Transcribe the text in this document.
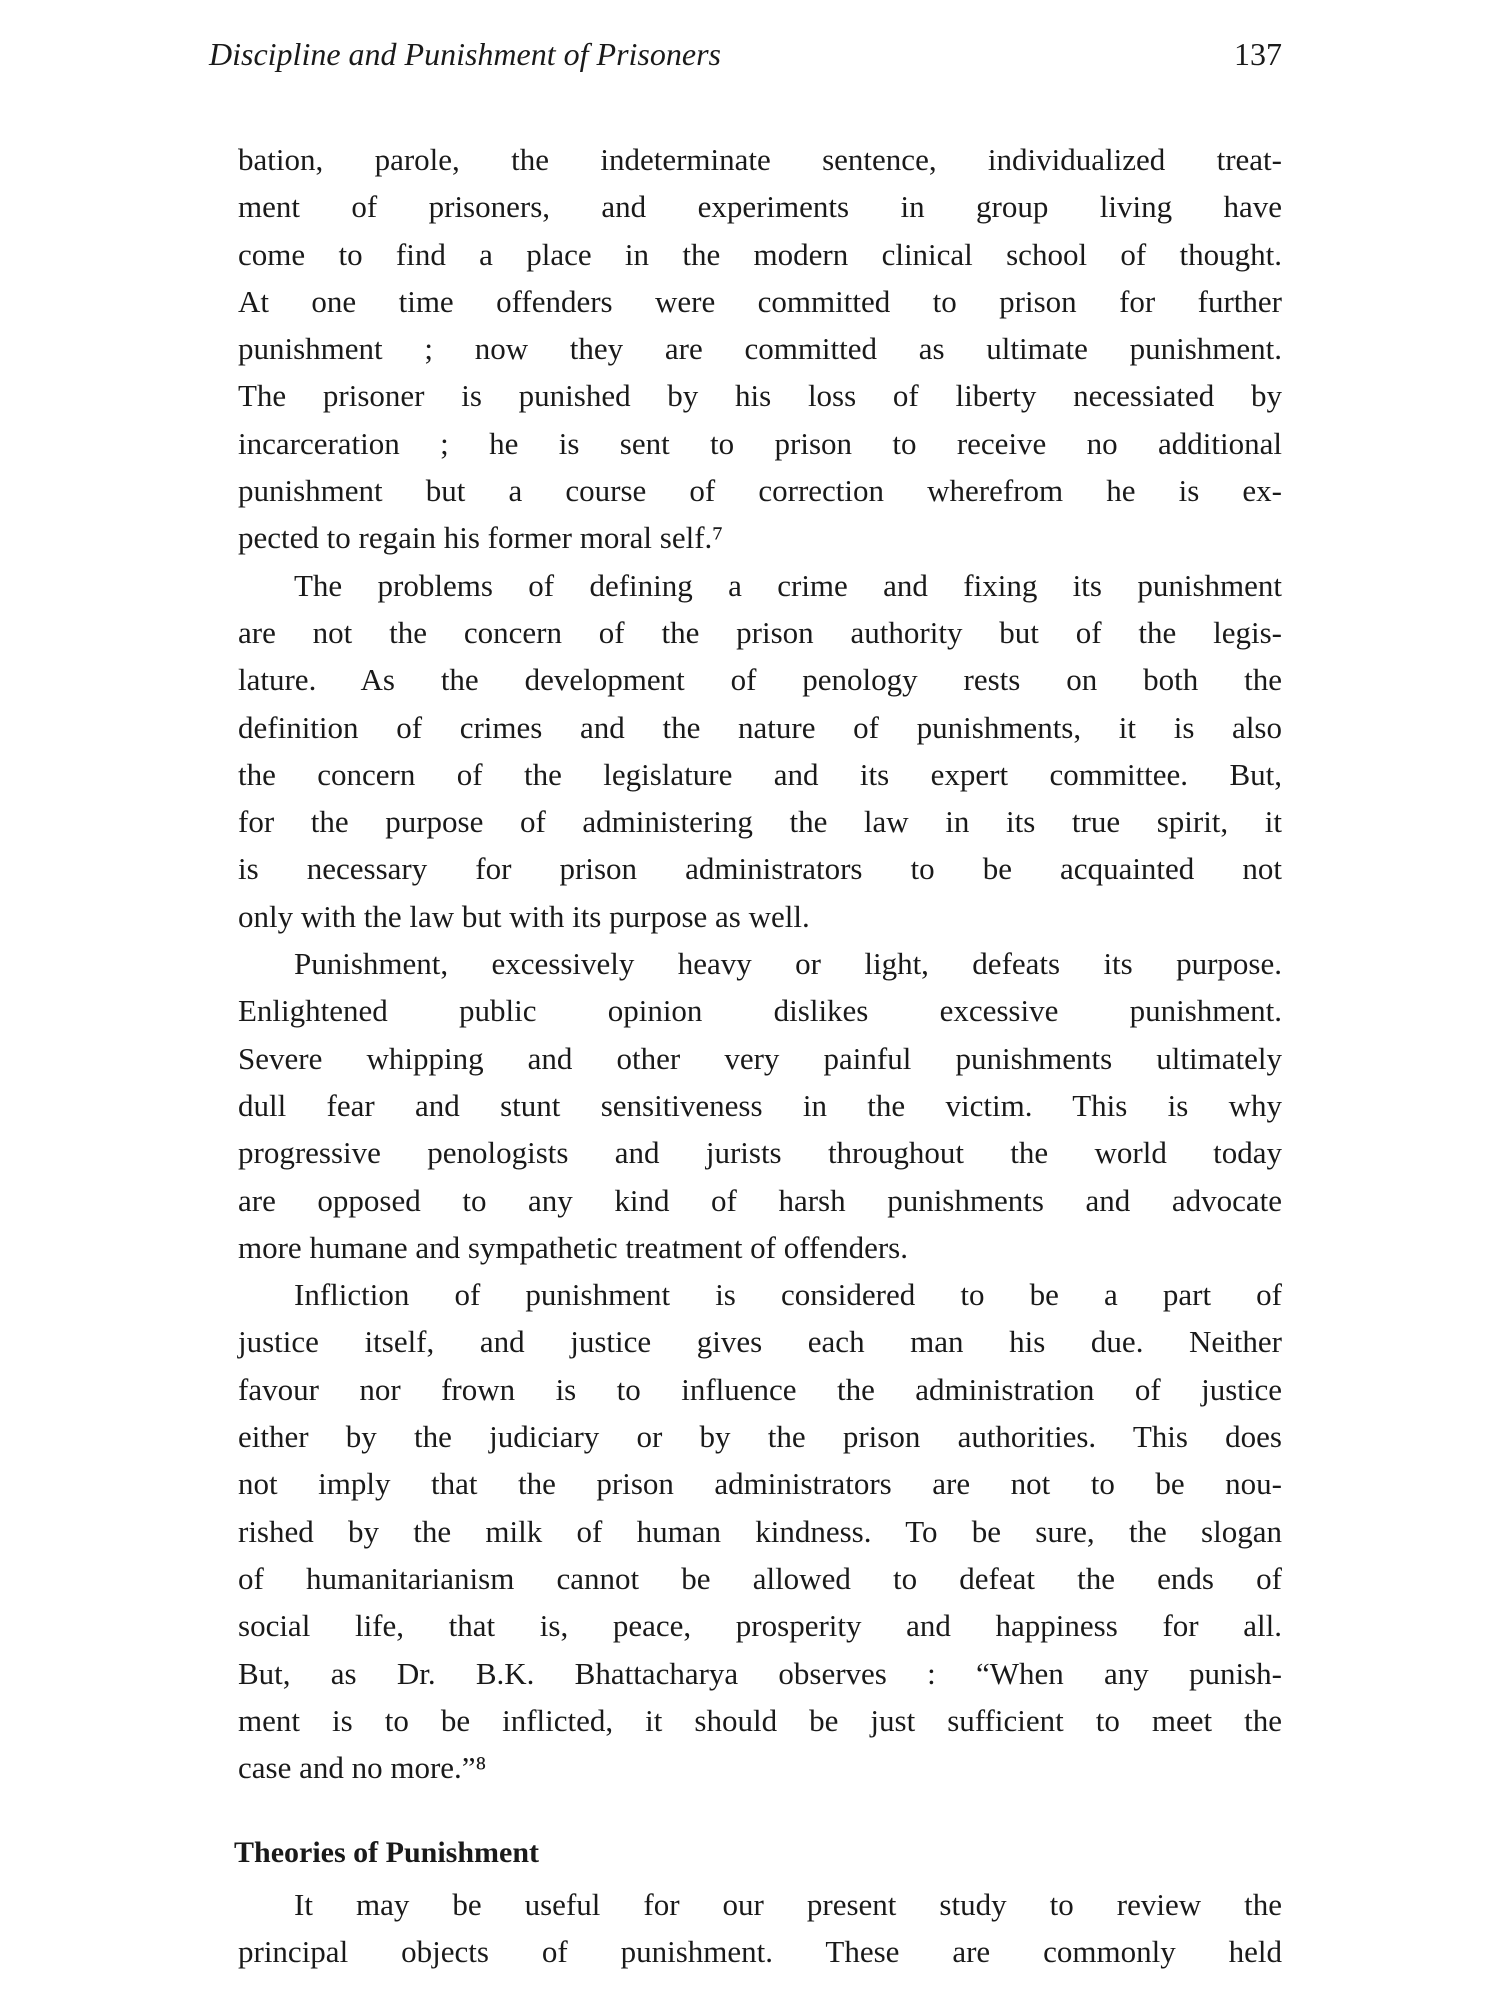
Discipline and Punishment of Prisoners	137
bation, parole, the indeterminate sentence, individualized treat-
ment of prisoners, and experiments in group living have
come to find a place in the modern clinical school of thought.
At one time offenders were committed to prison for further
punishment ; now they are committed as ultimate punishment.
The prisoner is punished by his loss of liberty necessiated by
incarceration ; he is sent to prison to receive no additional
punishment but a course of correction wherefrom he is ex-
pected to regain his former moral self.⁷
The problems of defining a crime and fixing its punishment
are not the concern of the prison authority but of the legis-
lature. As the development of penology rests on both the
definition of crimes and the nature of punishments, it is also
the concern of the legislature and its expert committee. But,
for the purpose of administering the law in its true spirit, it
is necessary for prison administrators to be acquainted not
only with the law but with its purpose as well.
Punishment, excessively heavy or light, defeats its purpose.
Enlightened public opinion dislikes excessive punishment.
Severe whipping and other very painful punishments ultimately
dull fear and stunt sensitiveness in the victim. This is why
progressive penologists and jurists throughout the world today
are opposed to any kind of harsh punishments and advocate
more humane and sympathetic treatment of offenders.
Infliction of punishment is considered to be a part of
justice itself, and justice gives each man his due. Neither
favour nor frown is to influence the administration of justice
either by the judiciary or by the prison authorities. This does
not imply that the prison administrators are not to be nou-
rished by the milk of human kindness. To be sure, the slogan
of humanitarianism cannot be allowed to defeat the ends of
social life, that is, peace, prosperity and happiness for all.
But, as Dr. B.K. Bhattacharya observes : “When any punish-
ment is to be inflicted, it should be just sufficient to meet the
case and no more.”⁸
Theories of Punishment
It may be useful for our present study to review the
principal objects of punishment. These are commonly held
